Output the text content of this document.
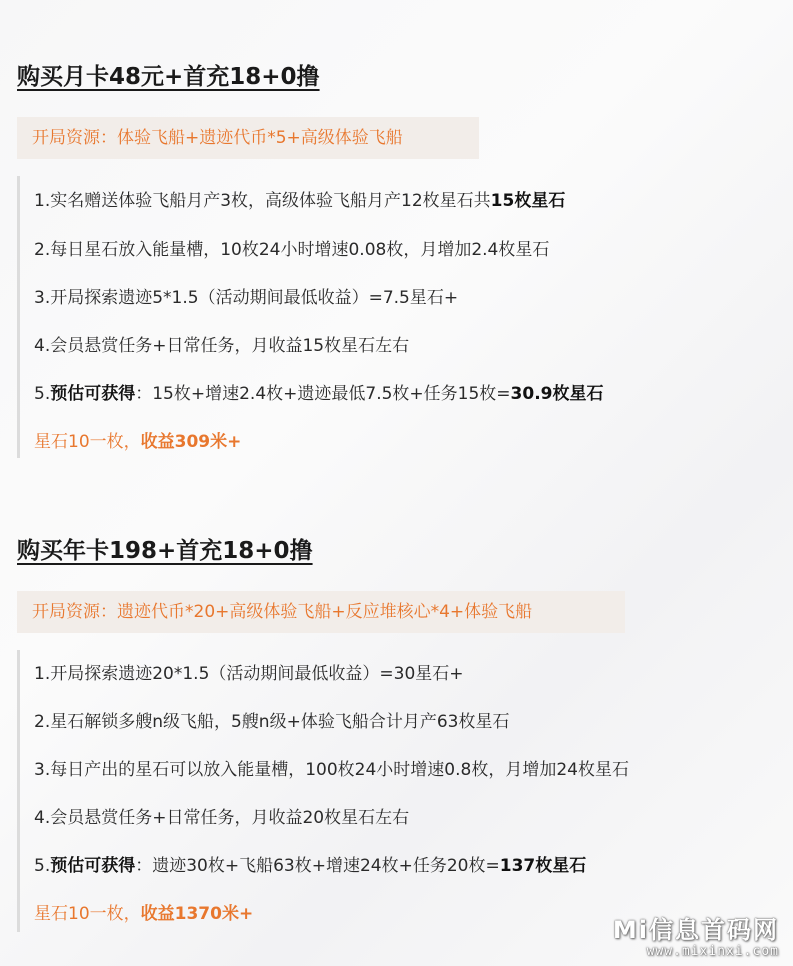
购买月卡48元+首充18+0撸
开局资源：体验飞船+遗迹代币*5+高级体验飞船
1.实名赠送体验飞船月产3枚，高级体验飞船月产12枚星石共15枚星石
2.每日星石放入能量槽，10枚24小时增速0.08枚，月增加2.4枚星石
3.开局探索遗迹5*1.5（活动期间最低收益）=7.5星石+
4.会员悬赏任务+日常任务，月收益15枚星石左右
5.预估可获得：15枚+增速2.4枚+遗迹最低7.5枚+任务15枚=30.9枚星石
星石10一枚，收益309米+
购买年卡198+首充18+0撸
开局资源：遗迹代币*20+高级体验飞船+反应堆核心*4+体验飞船
1.开局探索遗迹20*1.5（活动期间最低收益）=30星石+
2.星石解锁多艘n级飞船，5艘n级+体验飞船合计月产63枚星石
3.每日产出的星石可以放入能量槽，100枚24小时增速0.8枚，月增加24枚星石
4.会员悬赏任务+日常任务，月收益20枚星石左右
5.预估可获得：遗迹30枚+飞船63枚+增速24枚+任务20枚=137枚星石
星石10一枚，收益1370米+
Mi信息首码网
www.mixinxi.com
